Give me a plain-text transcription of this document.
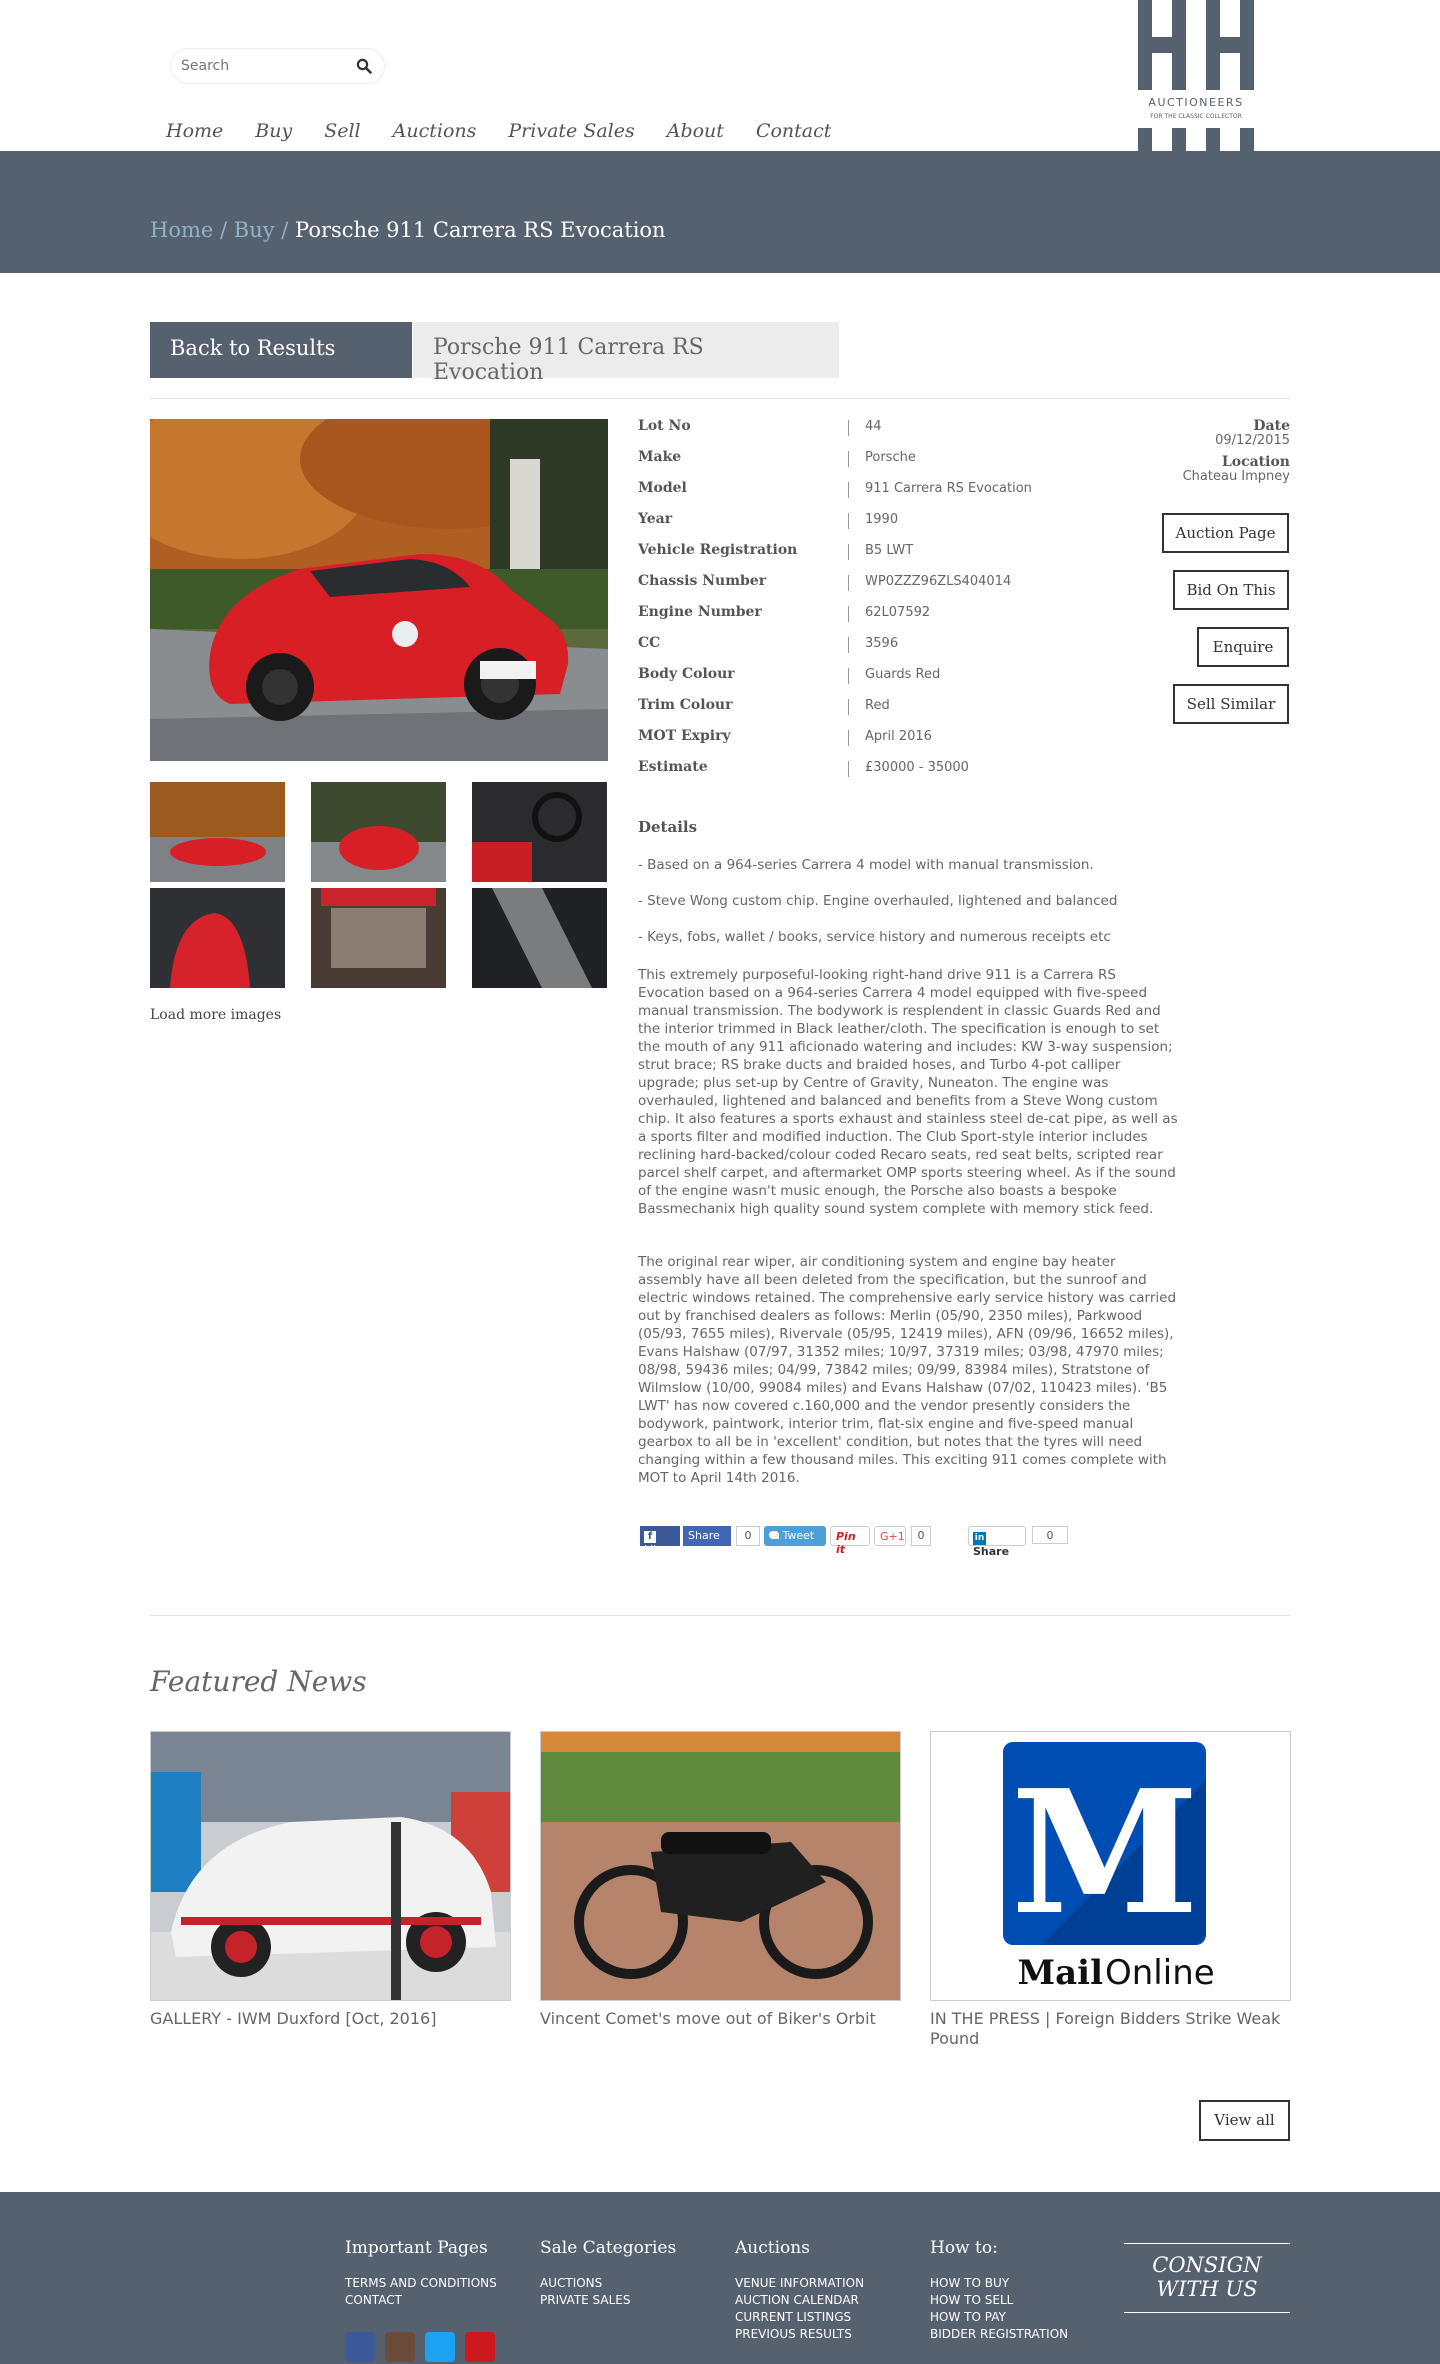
Search
Home Buy Sell Auctions Private Sales About Contact
AND
AUCTIONEERS
FOR THE CLASSIC COLLECTOR
Home / Buy / Porsche 911 Carrera RS Evocation
Back to Results	Porsche 911 Carrera RS Evocation
Load more images
Lot No	44
Make	Porsche
Model	911 Carrera RS Evocation
Year	1990
Vehicle Registration	B5 LWT
Chassis Number	WP0ZZZ96ZLS404014
Engine Number	62L07592
CC	3596
Body Colour	Guards Red
Trim Colour	Red
MOT Expiry	April 2016
Estimate	£30000 - 35000
Date
09/12/2015
Location
Chateau Impney
Auction Page
Bid On This
Enquire
Sell Similar
Details
- Based on a 964-series Carrera 4 model with manual transmission.
- Steve Wong custom chip. Engine overhauled, lightened and balanced
- Keys, fobs, wallet / books, service history and numerous receipts etc
This extremely purposeful-looking right-hand drive 911 is a Carrera RS Evocation based on a 964-series Carrera 4 model equipped with five-speed manual transmission. The bodywork is resplendent in classic Guards Red and the interior trimmed in Black leather/cloth. The specification is enough to set the mouth of any 911 aficionado watering and includes: KW 3-way suspension; strut brace; RS brake ducts and braided hoses, and Turbo 4-pot calliper upgrade; plus set-up by Centre of Gravity, Nuneaton. The engine was overhauled, lightened and balanced and benefits from a Steve Wong custom chip. It also features a sports exhaust and stainless steel de-cat pipe, as well as a sports filter and modified induction. The Club Sport-style interior includes reclining hard-backed/colour coded Recaro seats, red seat belts, scripted rear parcel shelf carpet, and aftermarket OMP sports steering wheel. As if the sound of the engine wasn't music enough, the Porsche also boasts a bespoke Bassmechanix high quality sound system complete with memory stick feed.
The original rear wiper, air conditioning system and engine bay heater assembly have all been deleted from the specification, but the sunroof and electric windows retained. The comprehensive early service history was carried out by franchised dealers as follows: Merlin (05/90, 2350 miles), Parkwood (05/93, 7655 miles), Rivervale (05/95, 12419 miles), AFN (09/96, 16652 miles), Evans Halshaw (07/97, 31352 miles; 10/97, 37319 miles; 03/98, 47970 miles; 08/98, 59436 miles; 04/99, 73842 miles; 09/99, 83984 miles), Stratstone of Wilmslow (10/00, 99084 miles) and Evans Halshaw (07/02, 110423 miles). 'B5 LWT' has now covered c.160,000 and the vendor presently considers the bodywork, paintwork, interior trim, flat-six engine and five-speed manual gearbox to all be in 'excellent' condition, but notes that the tyres will need changing within a few thousand miles. This exciting 911 comes complete with MOT to April 14th 2016.
f Like
Share	0	Tweet	Pin it
G+1	0	in Share
0
Featured News
M
Mail Online
GALLERY - IWM Duxford [Oct, 2016]	Vincent Comet's move out of Biker's Orbit	IN THE PRESS | Foreign Bidders Strike Weak Pound
View all
Important Pages
TERMS AND CONDITIONS
CONTACT
Sale Categories
AUCTIONS
PRIVATE SALES
Auctions
VENUE INFORMATION
AUCTION CALENDAR
CURRENT LISTINGS
PREVIOUS RESULTS
How to:
HOW TO BUY
HOW TO SELL
HOW TO PAY
BIDDER REGISTRATION
CONSIGN
WITH US
